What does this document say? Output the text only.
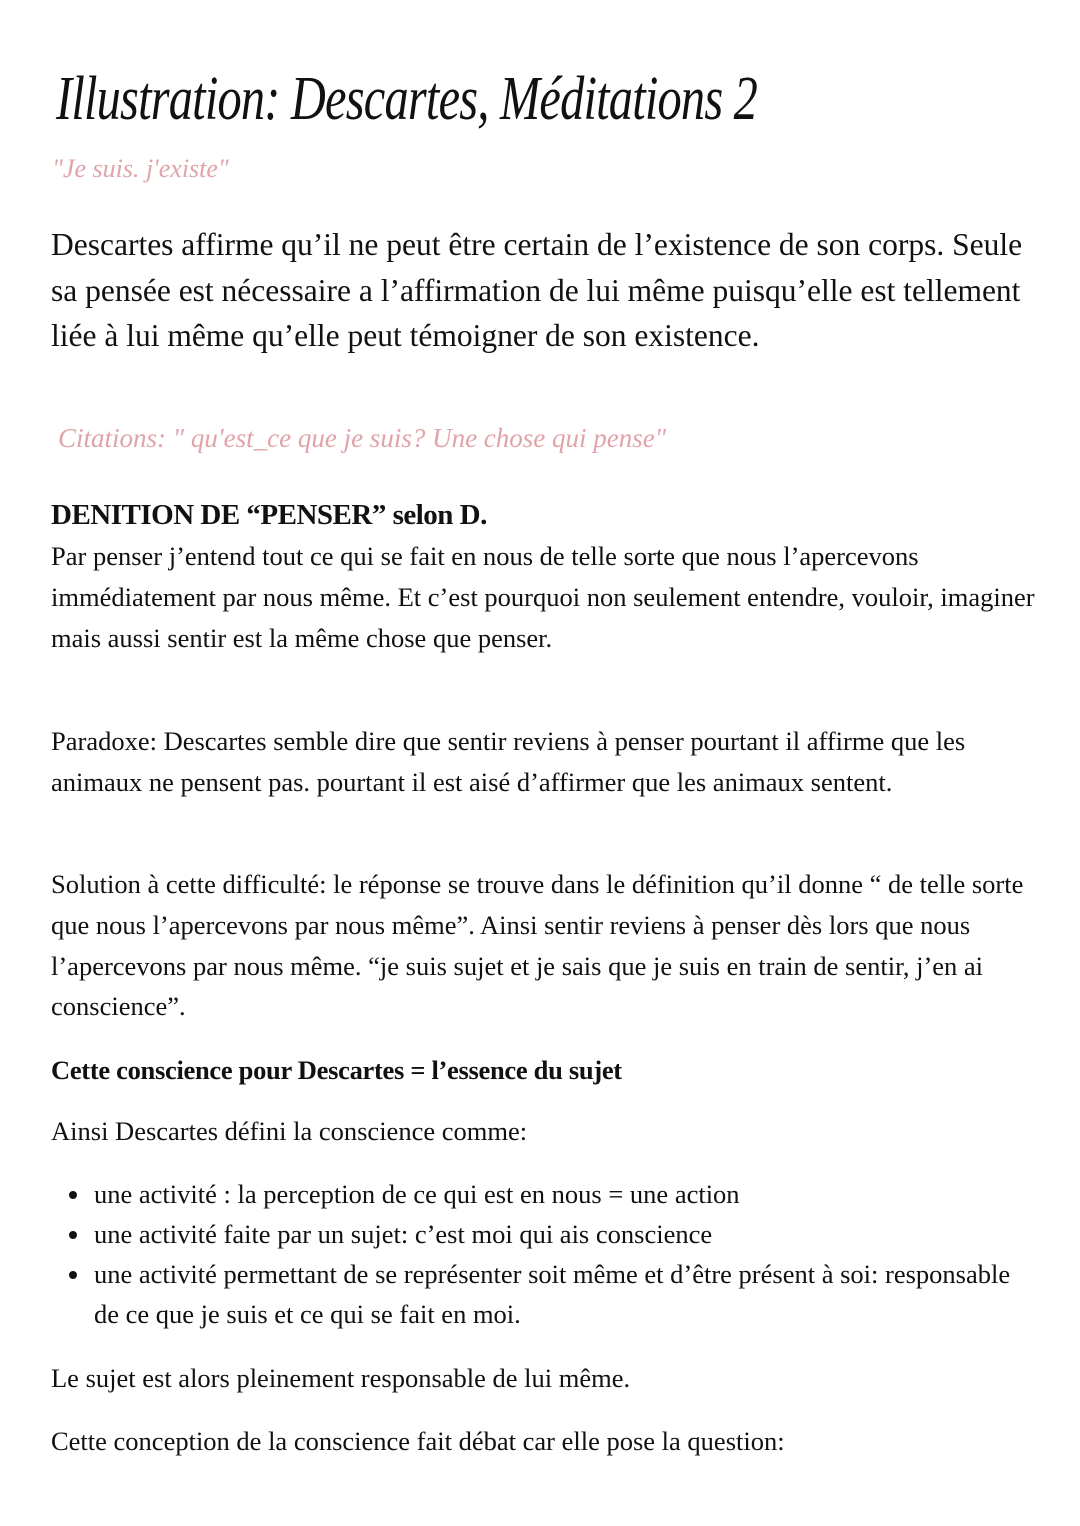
Illustration: Descartes, Méditations 2
"Je suis. j'existe"

Descartes affirme qu’il ne peut être certain de l’existence de son corps. Seule sa pensée est nécessaire a l’affirmation de lui même puisqu’elle est tellement liée à lui même qu’elle peut témoigner de son existence.

Citations: " qu'est_ce que je suis? Une chose qui pense"
DENITION DE “PENSER” selon D.

Par penser j’entend tout ce qui se fait en nous de telle sorte que nous l’apercevons immédiatement par nous même. Et c’est pourquoi non seulement entendre, vouloir, imaginer mais aussi sentir est la même chose que penser.

Paradoxe: Descartes semble dire que sentir reviens à penser pourtant il affirme que les animaux ne pensent pas. pourtant il est aisé d’affirmer que les animaux sentent.

Solution à cette difficulté: le réponse se trouve dans le définition qu’il donne “ de telle sorte que nous l’apercevons par nous même”. Ainsi sentir reviens à penser dès lors que nous l’apercevons par nous même. “je suis sujet et je sais que je suis en train de sentir, j’en ai conscience”.

Cette conscience pour Descartes = l’essence du sujet

Ainsi Descartes défini la conscience comme:

une activité : la perception de ce qui est en nous = une action
une activité faite par un sujet: c’est moi qui ais conscience
une activité permettant de se représenter soit même et d’être présent à soi: responsable de ce que je suis et ce qui se fait en moi.

Le sujet est alors pleinement responsable de lui même.

Cette conception de la conscience fait débat car elle pose la question:
